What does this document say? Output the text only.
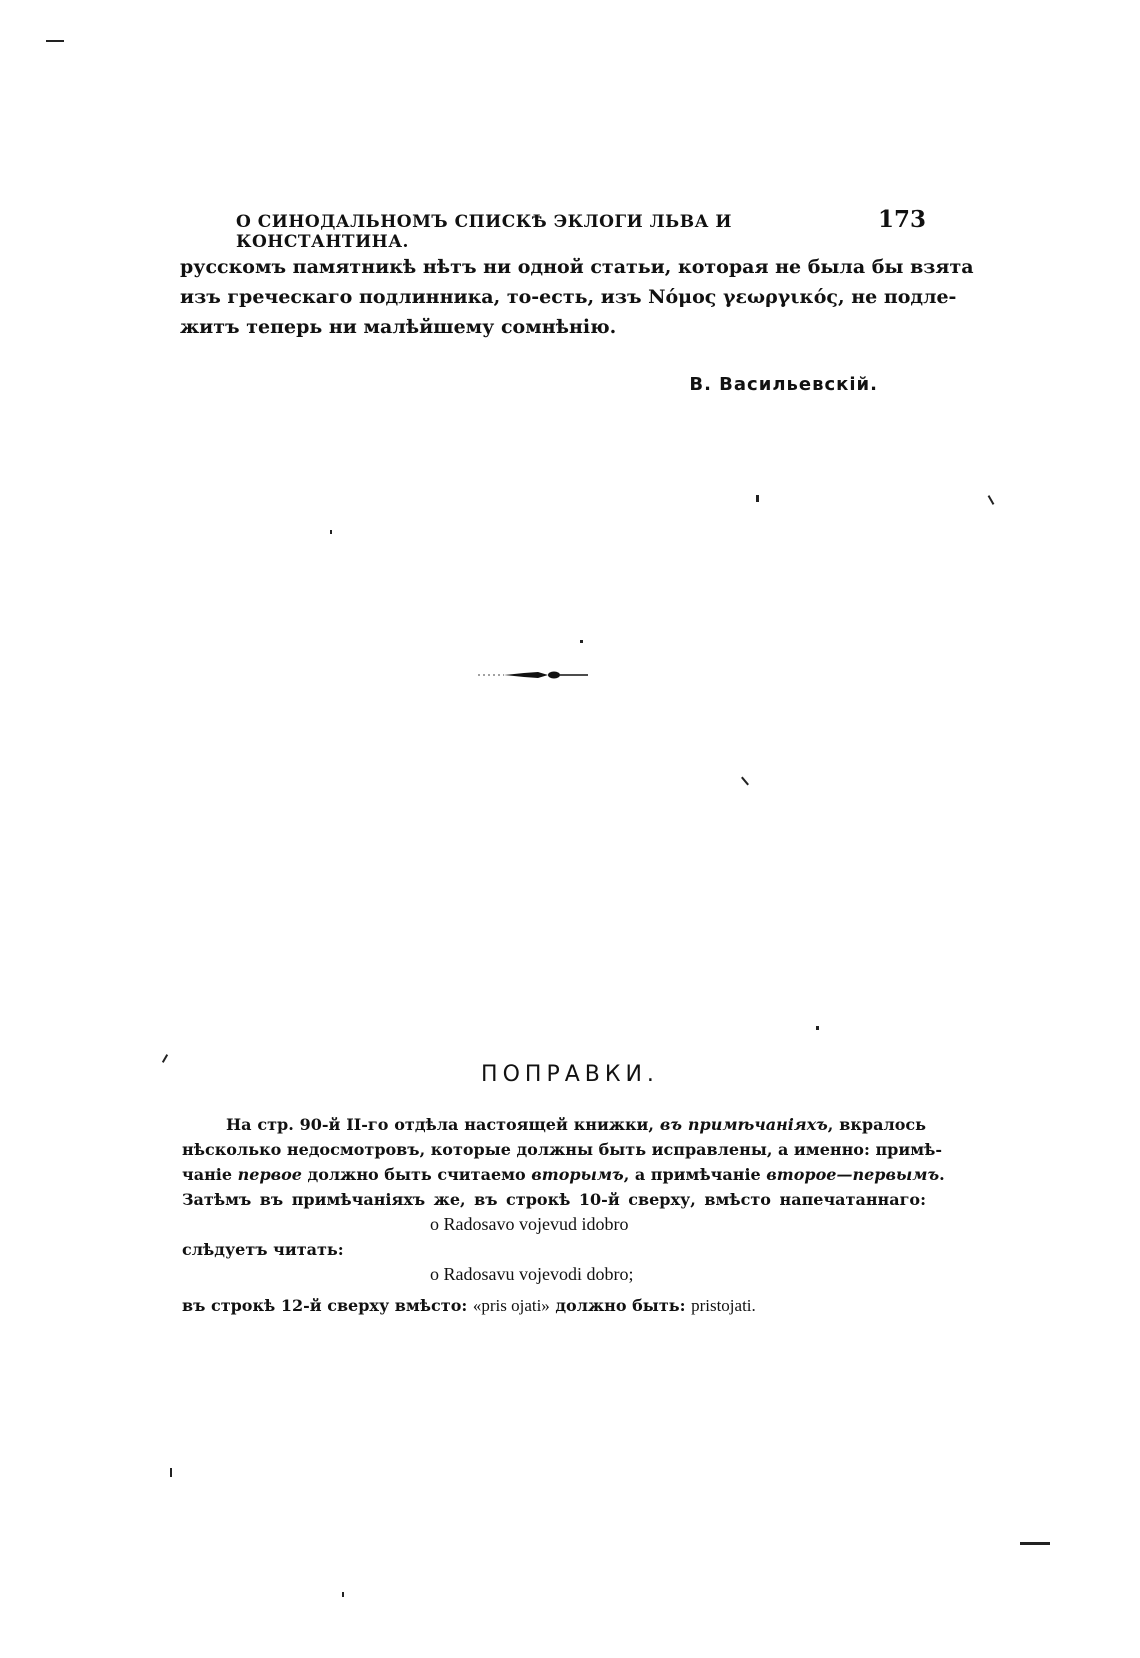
О СИНОДАЛЬНОМЪ СПИСКѢ ЭКЛОГИ ЛЬВА И КОНСТАНТИНА.
173
русскомъ памятникѣ нѣтъ ни одной статьи, которая не была бы взята
изъ греческаго подлинника, то-есть, изъ Νόμος γεωργικός, не подле-
житъ теперь ни малѣйшему сомнѣнію.
В. Васильевскій.
ПОПРАВКИ.
На стр. 90-й II-го отдѣла настоящей книжки, въ примѣчаніяхъ, вкралось
нѣсколько недосмотровъ, которые должны быть исправлены, а именно: примѣ-
чаніе первое должно быть считаемо вторымъ, а примѣчаніе второе—первымъ.
Затѣмъ въ примѣчаніяхъ же, въ строкѣ 10-й сверху, вмѣсто напечатаннаго:
o Radosavo vojevud idobro
слѣдуетъ читать:
o Radosavu vojevodi dobro;
въ строкѣ 12-й сверху вмѣсто: «pris ojati» должно быть: pristojati.
